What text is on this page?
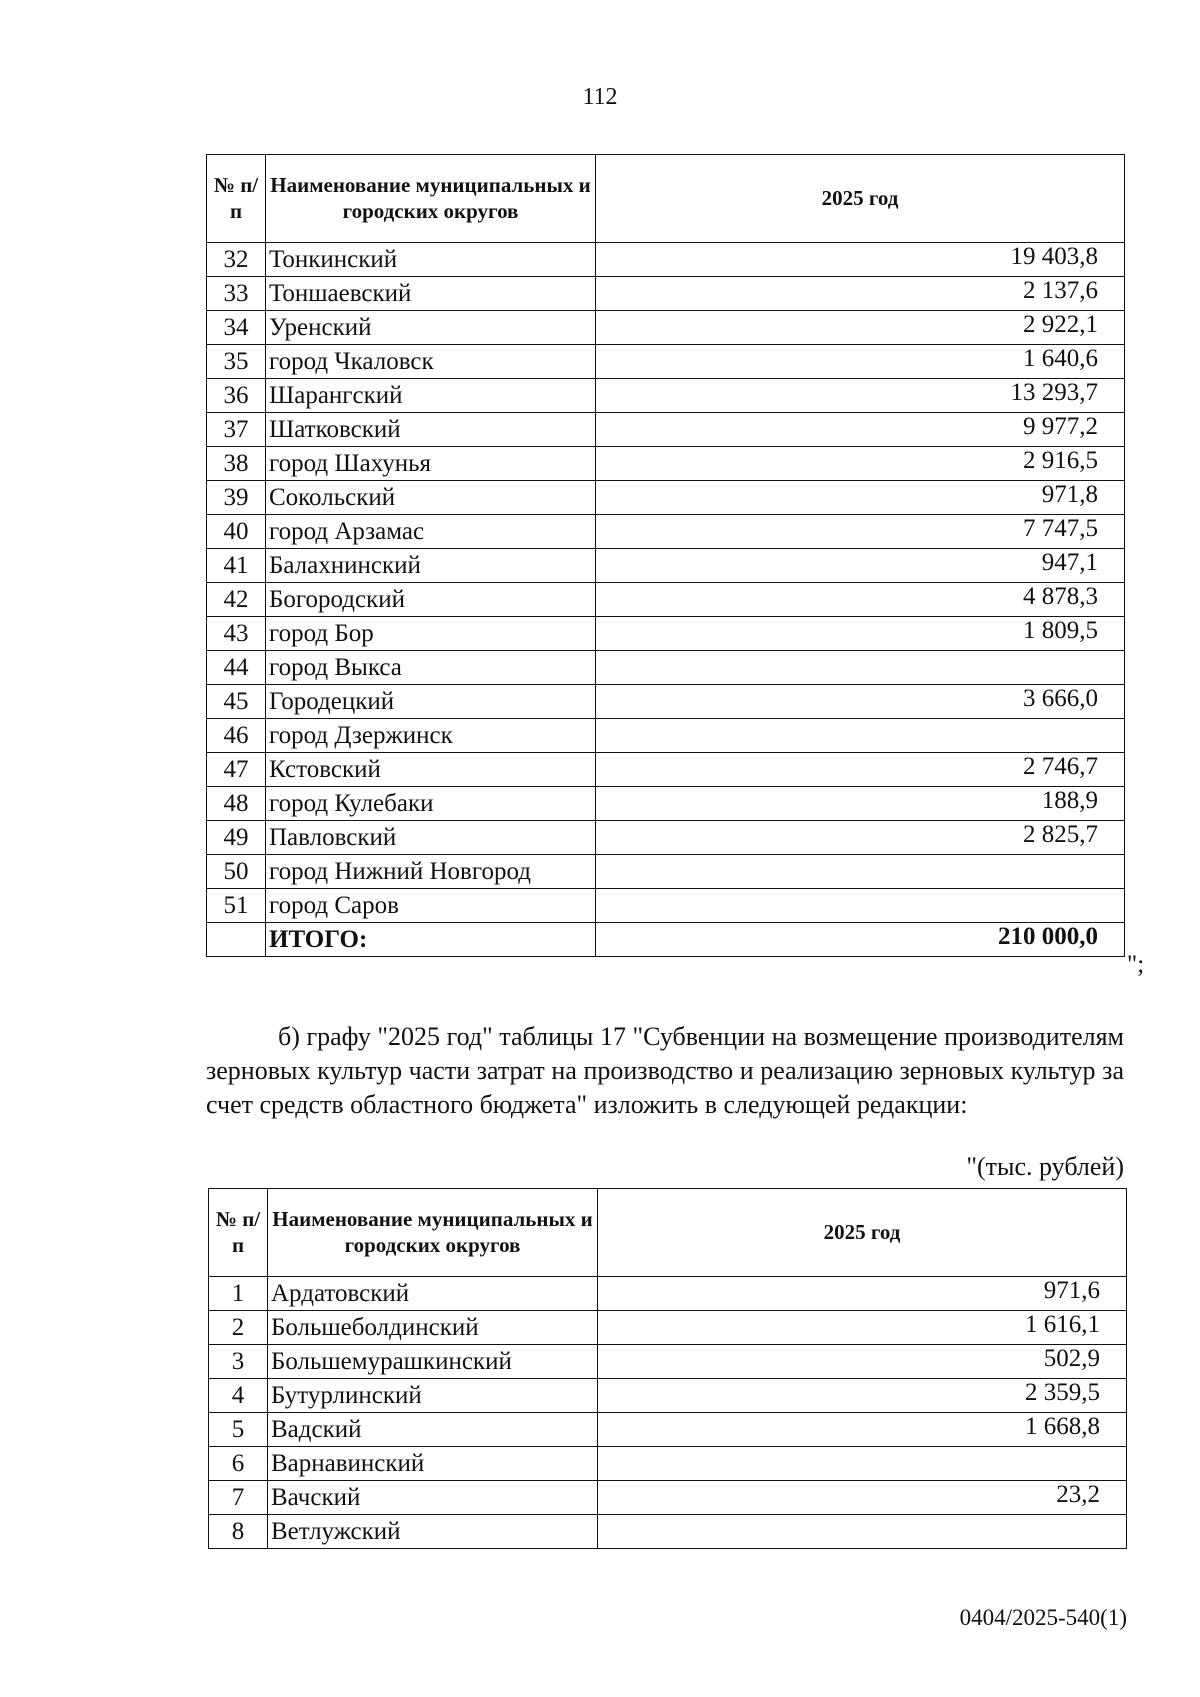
112
№ п/п	Наименование муниципальных и городских округов	2025 год
32	Тонкинский	19 403,8
33	Тоншаевский	2 137,6
34	Уренский	2 922,1
35	город Чкаловск	1 640,6
36	Шарангский	13 293,7
37	Шатковский	9 977,2
38	город Шахунья	2 916,5
39	Сокольский	971,8
40	город Арзамас	7 747,5
41	Балахнинский	947,1
42	Богородский	4 878,3
43	город Бор	1 809,5
44	город Выкса	
45	Городецкий	3 666,0
46	город Дзержинск	
47	Кстовский	2 746,7
48	город Кулебаки	188,9
49	Павловский	2 825,7
50	город Нижний Новгород	
51	город Саров	
	ИТОГО:	210 000,0
";
б) графу "2025 год" таблицы 17 "Субвенции на возмещение производителям зерновых культур части затрат на производство и реализацию зерновых культур за счет средств областного бюджета" изложить в следующей редакции:
"(тыс. рублей)
№ п/п	Наименование муниципальных и городских округов	2025 год
1	Ардатовский	971,6
2	Большеболдинский	1 616,1
3	Большемурашкинский	502,9
4	Бутурлинский	2 359,5
5	Вадский	1 668,8
6	Варнавинский	
7	Вачский	23,2
8	Ветлужский	
0404/2025-540(1)
